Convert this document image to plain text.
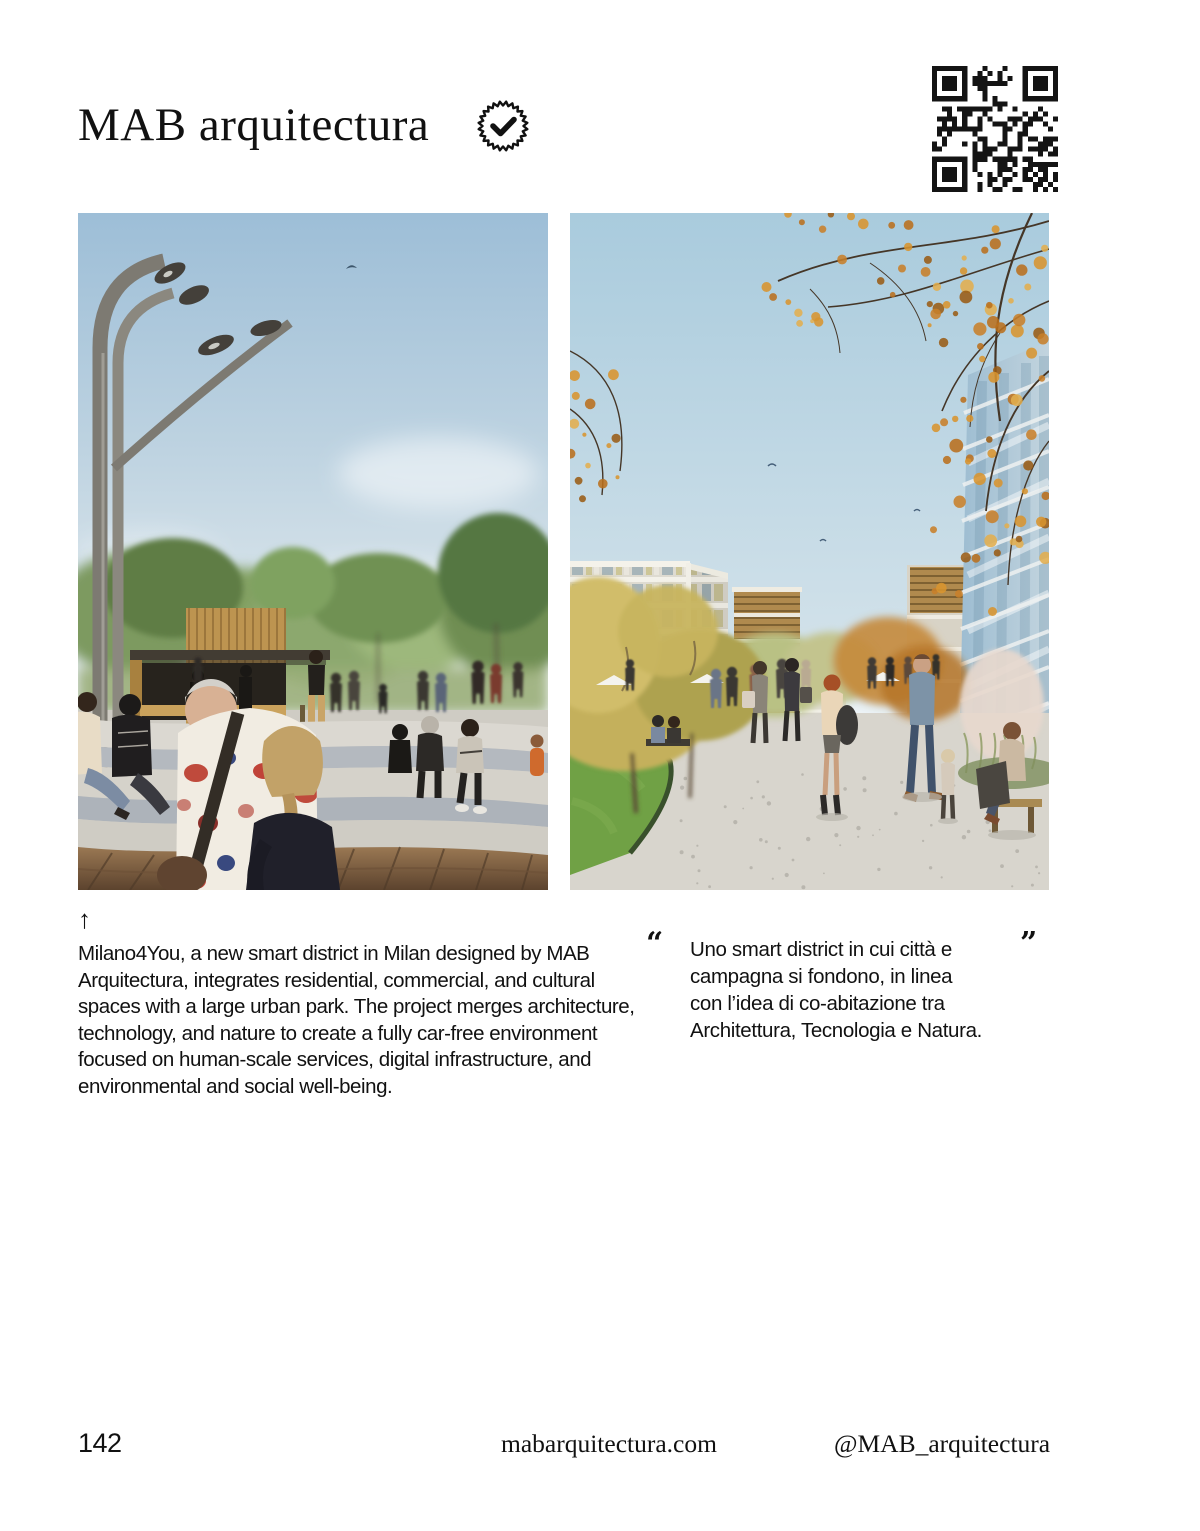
MAB arquitectura
↑
Milano4You, a new smart district in Milan designed by MAB
Arquitectura, integrates residential, commercial, and cultural
spaces with a large urban park. The project merges architecture,
technology, and nature to create a fully car-free environment
focused on human-scale services, digital infrastructure, and
environmental and social well-being.
“ Uno smart district in cui città e
campagna si fondono, in linea
con l’idea di co-abitazione tra
Architettura, Tecnologia e Natura.
”
142	mabarquitectura.com	@MAB_arquitectura
